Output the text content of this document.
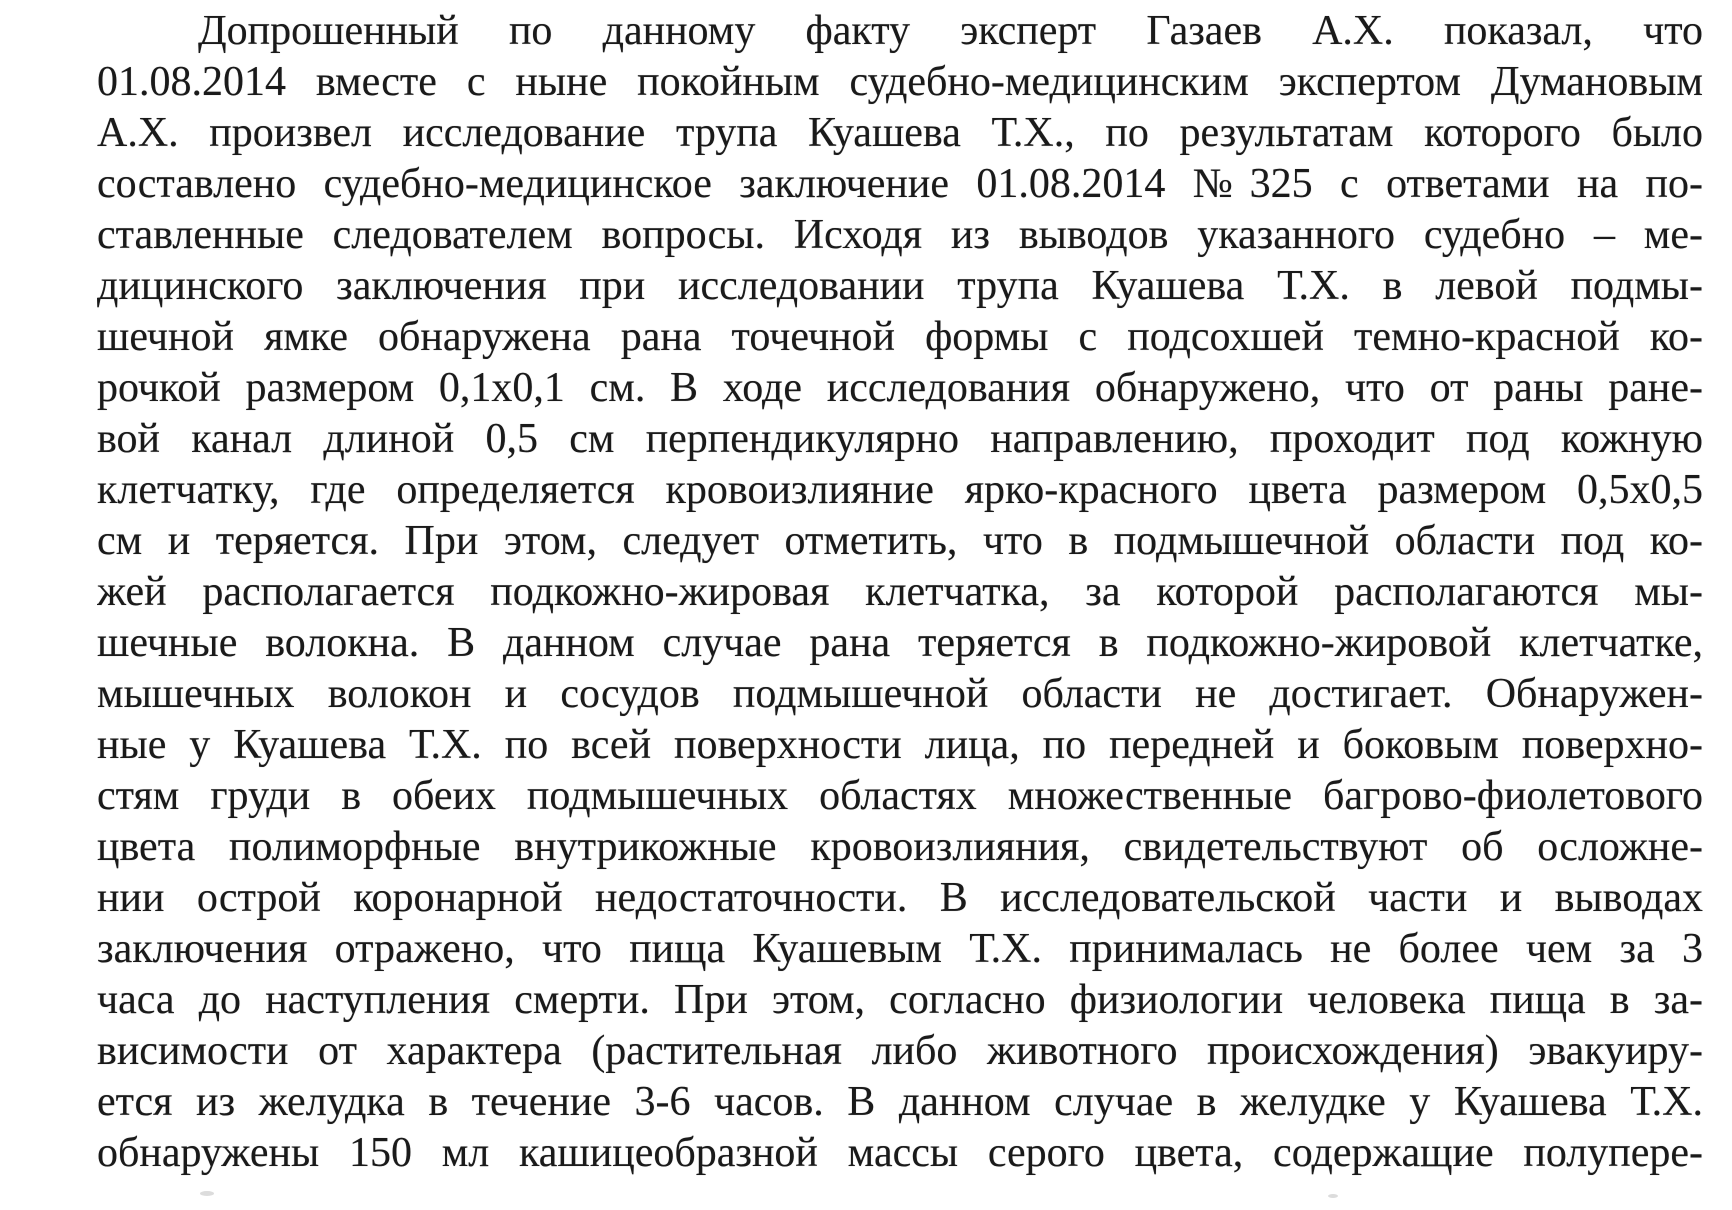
Допрошенный по данному факту эксперт Газаев А.Х. показал, что
01.08.2014 вместе с ныне покойным судебно-медицинским экспертом Думановым
А.Х. произвел исследование трупа Куашева Т.Х., по результатам которого было
составлено судебно-медицинское заключение 01.08.2014 №325 с ответами на по-
ставленные следователем вопросы. Исходя из выводов указанного судебно – ме-
дицинского заключения при исследовании трупа Куашева Т.Х. в левой подмы-
шечной ямке обнаружена рана точечной формы с подсохшей темно-красной ко-
рочкой размером 0,1х0,1 см. В ходе исследования обнаружено, что от раны ране-
вой канал длиной 0,5 см перпендикулярно направлению, проходит под кожную
клетчатку, где определяется кровоизлияние ярко-красного цвета размером 0,5х0,5
см и теряется. При этом, следует отметить, что в подмышечной области под ко-
жей располагается подкожно-жировая клетчатка, за которой располагаются мы-
шечные волокна. В данном случае рана теряется в подкожно-жировой клетчатке,
мышечных волокон и сосудов подмышечной области не достигает. Обнаружен-
ные у Куашева Т.Х. по всей поверхности лица, по передней и боковым поверхно-
стям груди в обеих подмышечных областях множественные багрово-фиолетового
цвета полиморфные внутрикожные кровоизлияния, свидетельствуют об осложне-
нии острой коронарной недостаточности. В исследовательской части и выводах
заключения отражено, что пища Куашевым Т.Х. принималась не более чем за 3
часа до наступления смерти. При этом, согласно физиологии человека пища в за-
висимости от характера (растительная либо животного происхождения) эвакуиру-
ется из желудка в течение 3-6 часов. В данном случае в желудке у Куашева Т.Х.
обнаружены 150 мл кашицеобразной массы серого цвета, содержащие полупере-
